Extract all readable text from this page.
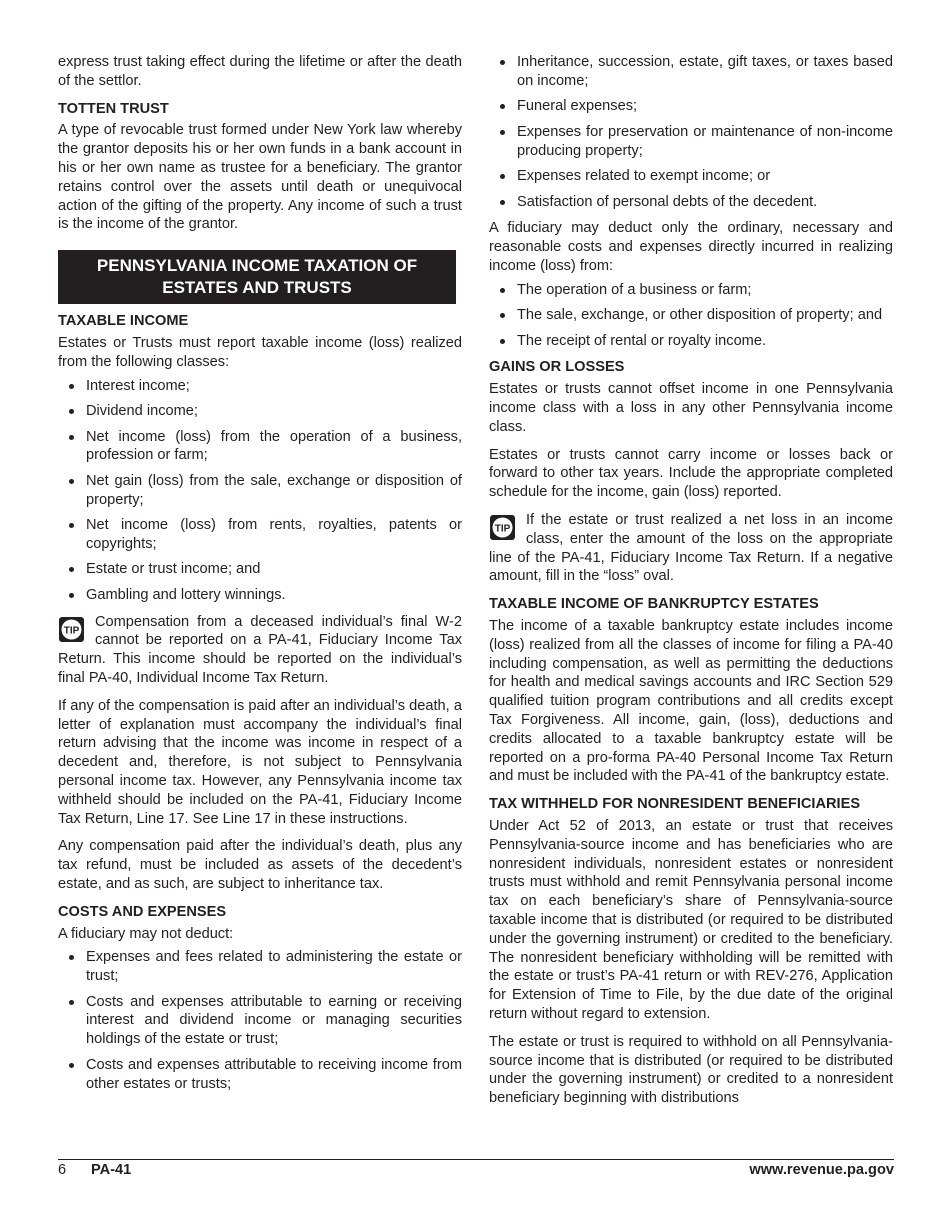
express trust taking effect during the lifetime or after the death of the settlor.

TOTTEN TRUST

A type of revocable trust formed under New York law whereby the grantor deposits his or her own funds in a bank account in his or her own name as trustee for a beneficiary. The grantor retains control over the assets until death or unequivocal action of the gifting of the property. Any income of such a trust is the income of the grantor.

PENNSYLVANIA INCOME TAXATION OF
ESTATES AND TRUSTS
TAXABLE INCOME

Estates or Trusts must report taxable income (loss) realized from the following classes:

Interest income;
Dividend income;
Net income (loss) from the operation of a business, profession or farm;
Net gain (loss) from the sale, exchange or disposition of property;
Net income (loss) from rents, royalties, patents or copyrights;
Estate or trust income; and
Gambling and lottery winnings.
TIP
Compensation from a deceased individual’s final W-2 cannot be reported on a PA-41, Fiduciary Income Tax Return. This income should be reported on the individual’s final PA-40, Individual Income Tax Return.

If any of the compensation is paid after an individual’s death, a letter of explanation must accompany the individual’s final return advising that the income was income in respect of a decedent and, therefore, is not subject to Pennsylvania personal income tax. However, any Pennsylvania income tax withheld should be included on the PA-41, Fiduciary Income Tax Return, Line 17. See Line 17 in these instructions.

Any compensation paid after the individual’s death, plus any tax refund, must be included as assets of the decedent’s estate, and as such, are subject to inheritance tax.

COSTS AND EXPENSES

A fiduciary may not deduct:

Expenses and fees related to administering the estate or trust;
Costs and expenses attributable to earning or receiving interest and dividend income or managing securities holdings of the estate or trust;
Costs and expenses attributable to receiving income from other estates or trusts;
Inheritance, succession, estate, gift taxes, or taxes based on income;
Funeral expenses;
Expenses for preservation or maintenance of non-income producing property;
Expenses related to exempt income; or
Satisfaction of personal debts of the decedent.

A fiduciary may deduct only the ordinary, necessary and reasonable costs and expenses directly incurred in realizing income (loss) from:

The operation of a business or farm;
The sale, exchange, or other disposition of property; and
The receipt of rental or royalty income.
GAINS OR LOSSES

Estates or trusts cannot offset income in one Pennsylvania income class with a loss in any other Pennsylvania income class.

Estates or trusts cannot carry income or losses back or forward to other tax years. Include the appropriate completed schedule for the income, gain (loss) reported.

TIP
If the estate or trust realized a net loss in an income class, enter the amount of the loss on the appropriate line of the PA-41, Fiduciary Income Tax Return. If a negative amount, fill in the “loss” oval.
TAXABLE INCOME OF BANKRUPTCY ESTATES

The income of a taxable bankruptcy estate includes income (loss) realized from all the classes of income for filing a PA-40 including compensation, as well as permitting the deductions for health and medical savings accounts and IRC Section 529 qualified tuition program contributions and all credits except Tax Forgiveness. All income, gain, (loss), deductions and credits allocated to a taxable bankruptcy estate will be reported on a pro-forma PA-40 Personal Income Tax Return and must be included with the PA-41 of the bankruptcy estate.

TAX WITHHELD FOR NONRESIDENT BENEFICIARIES

Under Act 52 of 2013, an estate or trust that receives Pennsylvania-source income and has beneficiaries who are nonresident individuals, nonresident estates or nonresident trusts must withhold and remit Pennsylvania personal income tax on each beneficiary’s share of Pennsylvania-source taxable income that is distributed (or required to be distributed under the governing instrument) or credited to the beneficiary. The nonresident beneficiary withholding will be remitted with the estate or trust’s PA-41 return or with REV-276, Application for Extension of Time to File, by the due date of the original return without regard to extension.

The estate or trust is required to withhold on all Pennsylvania-source income that is distributed (or required to be distributed under the governing instrument) or credited to a nonresident beneficiary beginning with distributions

6 PA-41	www.revenue.pa.gov
